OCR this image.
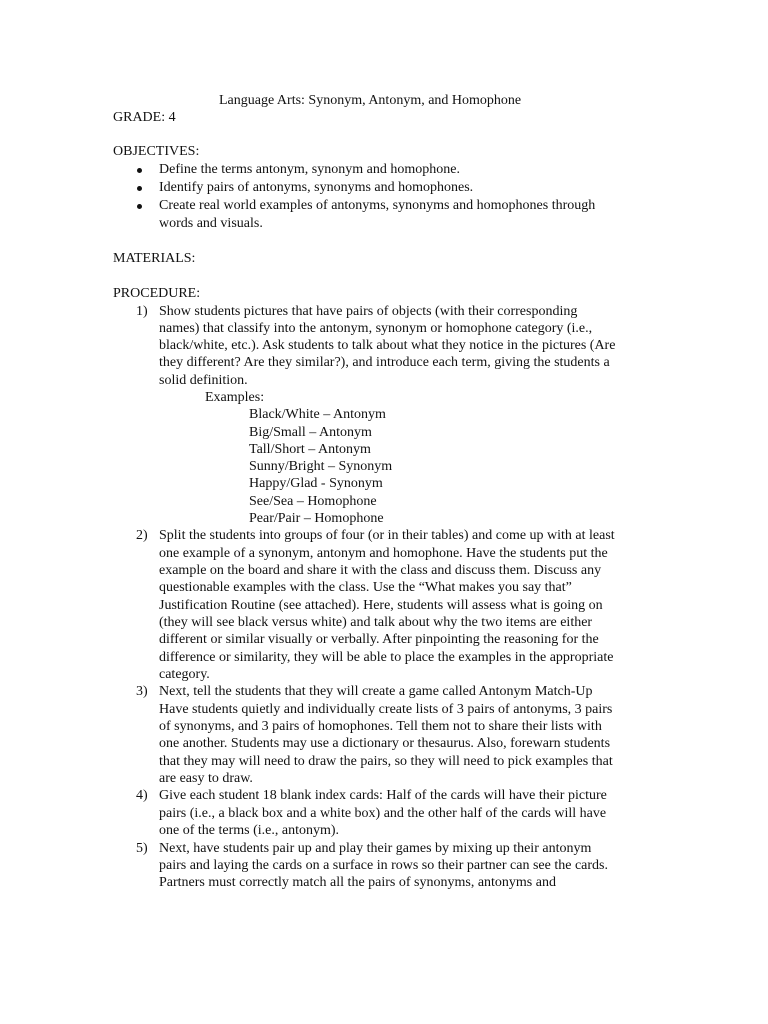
Language Arts: Synonym, Antonym, and Homophone
GRADE: 4
OBJECTIVES:
Define the terms antonym, synonym and homophone.
Identify pairs of antonyms, synonyms and homophones.
Create real world examples of antonyms, synonyms and homophones through
words and visuals.
MATERIALS:
PROCEDURE:
1) Show students pictures that have pairs of objects (with their corresponding
names) that classify into the antonym, synonym or homophone category (i.e.,
black/white, etc.). Ask students to talk about what they notice in the pictures (Are
they different? Are they similar?), and introduce each term, giving the students a
solid definition.
Examples:
Black/White – Antonym
Big/Small – Antonym
Tall/Short – Antonym
Sunny/Bright – Synonym
Happy/Glad - Synonym
See/Sea – Homophone
Pear/Pair – Homophone
2) Split the students into groups of four (or in their tables) and come up with at least
one example of a synonym, antonym and homophone. Have the students put the
example on the board and share it with the class and discuss them. Discuss any
questionable examples with the class. Use the “What makes you say that”
Justification Routine (see attached). Here, students will assess what is going on
(they will see black versus white) and talk about why the two items are either
different or similar visually or verbally. After pinpointing the reasoning for the
difference or similarity, they will be able to place the examples in the appropriate
category.
3) Next, tell the students that they will create a game called Antonym Match-Up
Have students quietly and individually create lists of 3 pairs of antonyms, 3 pairs
of synonyms, and 3 pairs of homophones. Tell them not to share their lists with
one another. Students may use a dictionary or thesaurus. Also, forewarn students
that they may will need to draw the pairs, so they will need to pick examples that
are easy to draw.
4) Give each student 18 blank index cards: Half of the cards will have their picture
pairs (i.e., a black box and a white box) and the other half of the cards will have
one of the terms (i.e., antonym).
5) Next, have students pair up and play their games by mixing up their antonym
pairs and laying the cards on a surface in rows so their partner can see the cards.
Partners must correctly match all the pairs of synonyms, antonyms and
